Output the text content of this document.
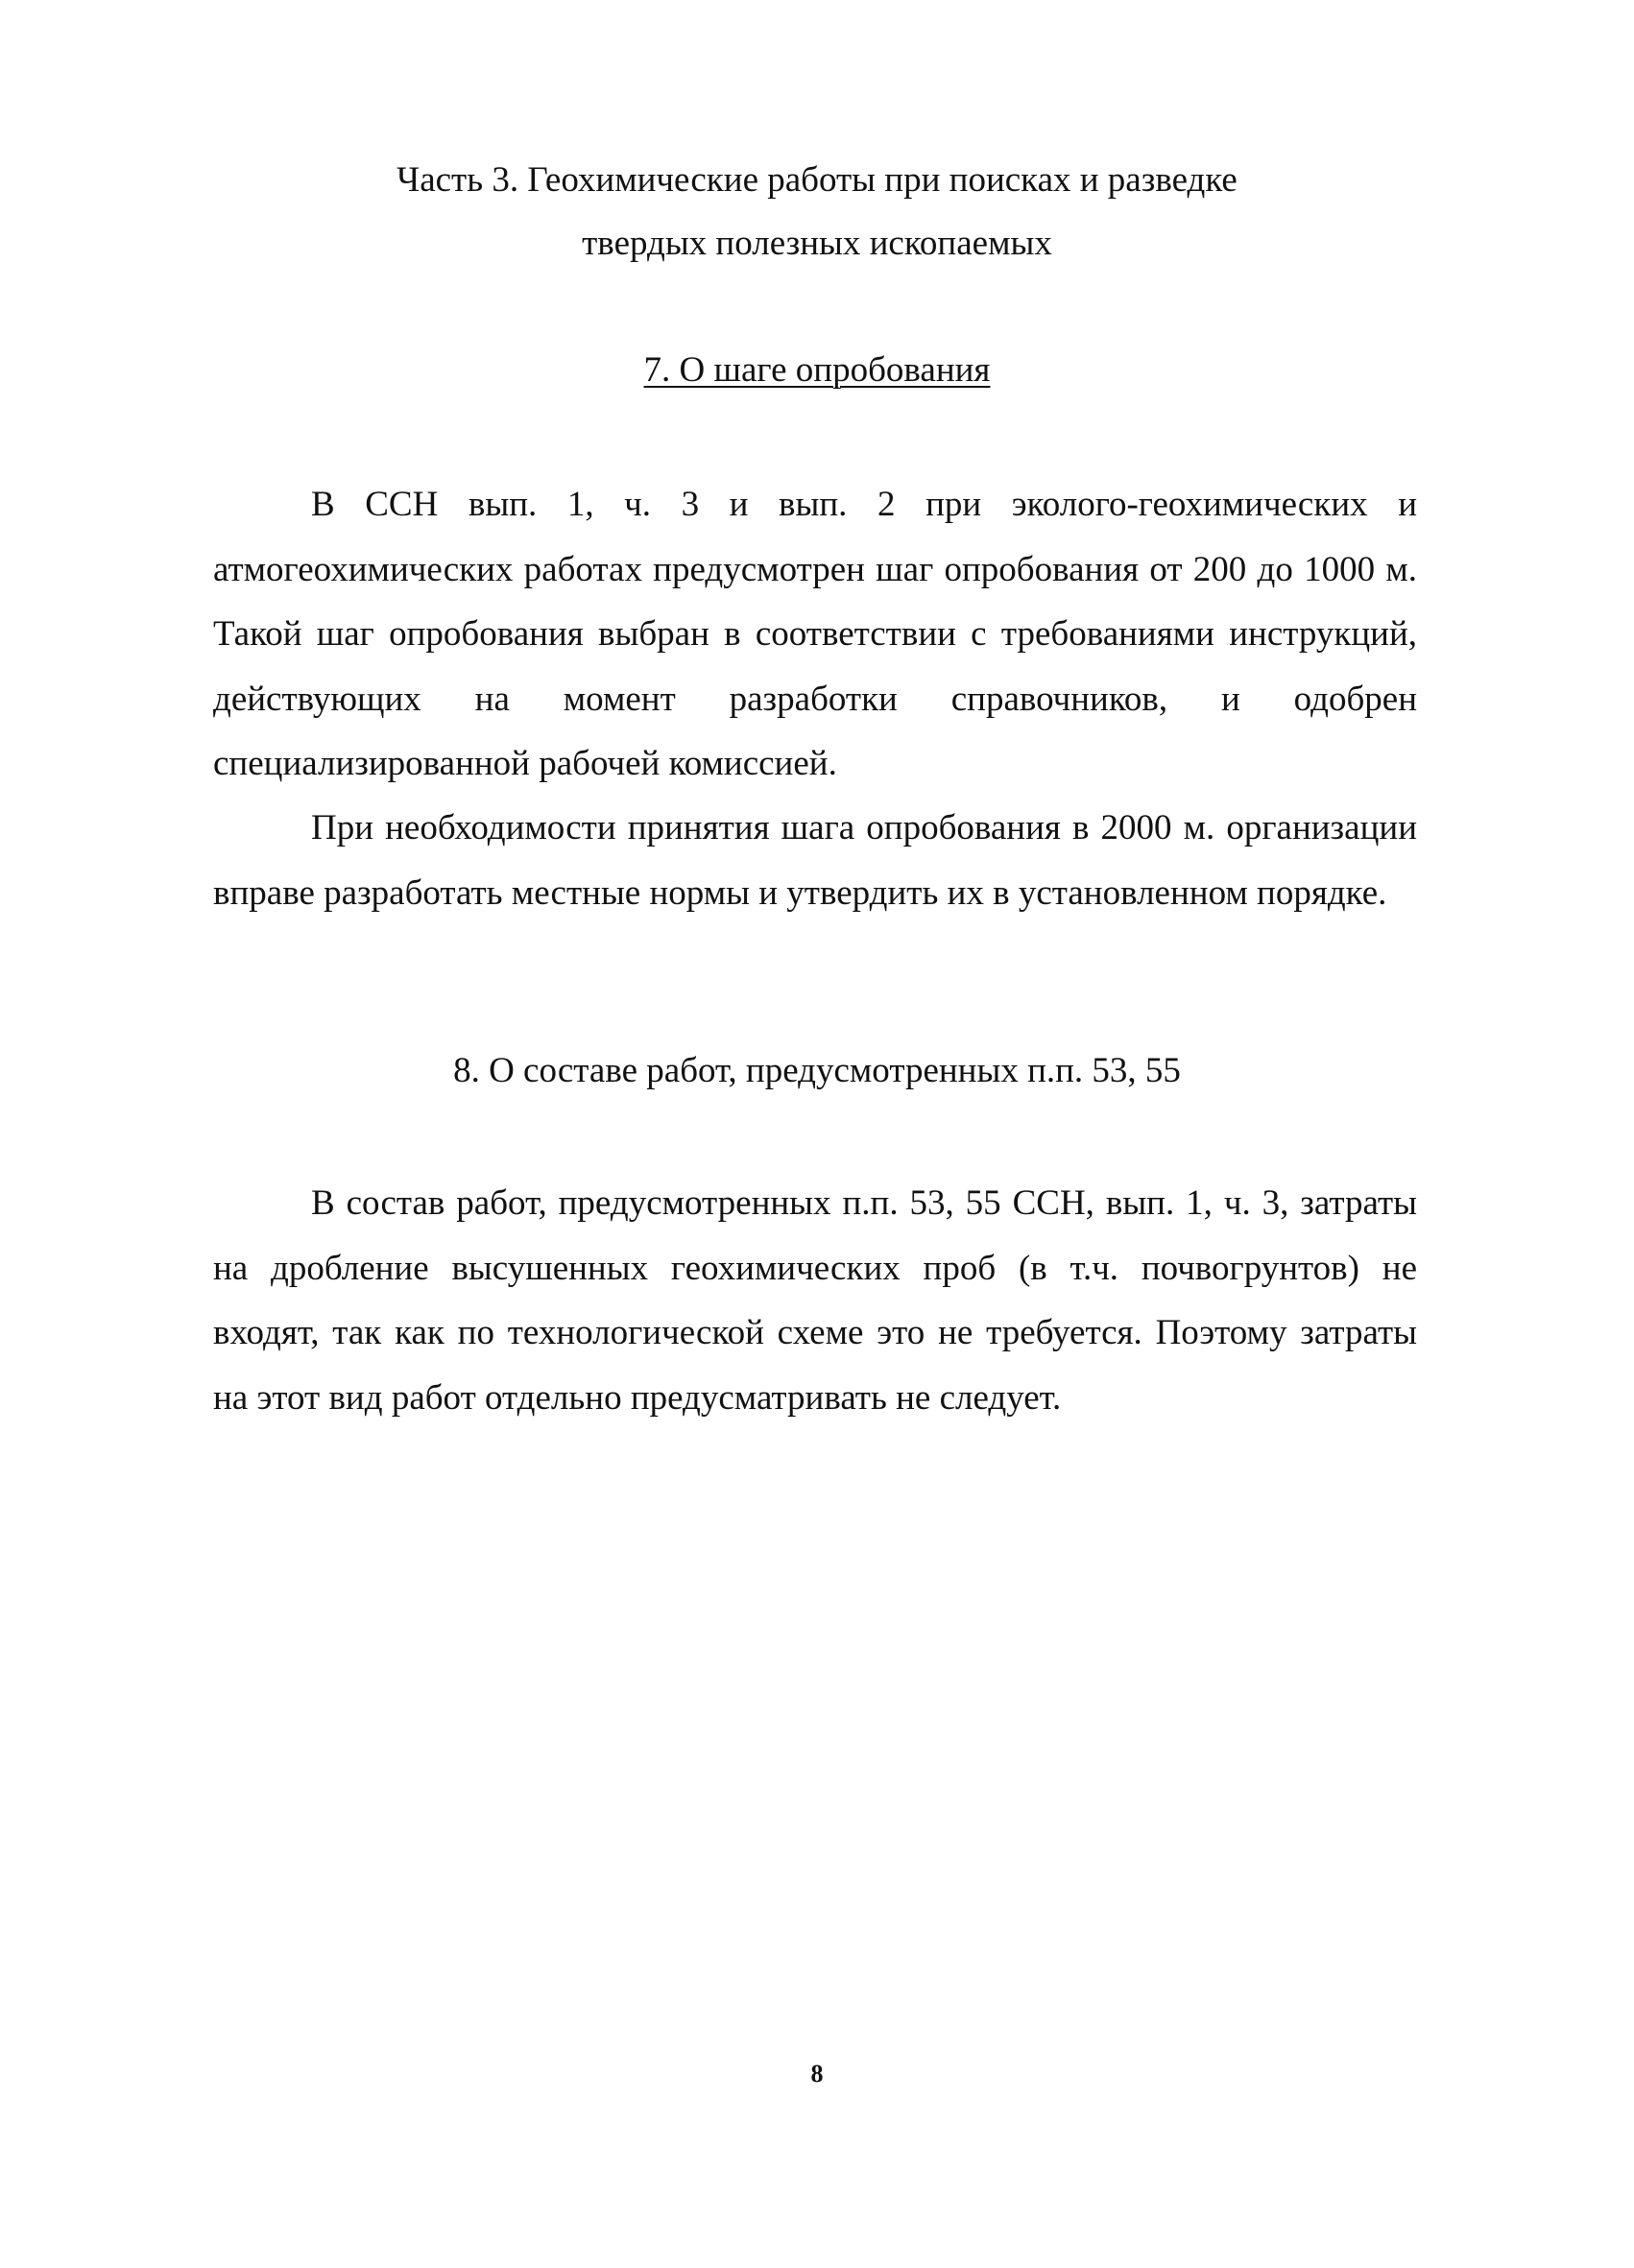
Часть 3. Геохимические работы при поисках и разведке
твердых полезных ископаемых
7. О шаге опробования

В ССН вып. 1, ч. 3 и вып. 2 при эколого-геохимических и атмогеохимических работах предусмотрен шаг опробования от 200 до 1000 м. Такой шаг опробования выбран в соответствии с требованиями инструкций, действующих на момент разработки справочников, и одобрен специализированной рабочей комиссией.

При необходимости принятия шага опробования в 2000 м. организации вправе разработать местные нормы и утвердить их в установленном порядке.

8. О составе работ, предусмотренных п.п. 53, 55

В состав работ, предусмотренных п.п. 53, 55 ССН, вып. 1, ч. 3, затраты на дробление высушенных геохимических проб (в т.ч. почвогрунтов) не входят, так как по технологической схеме это не требуется. Поэтому затраты на этот вид работ отдельно предусматривать не следует.

8
